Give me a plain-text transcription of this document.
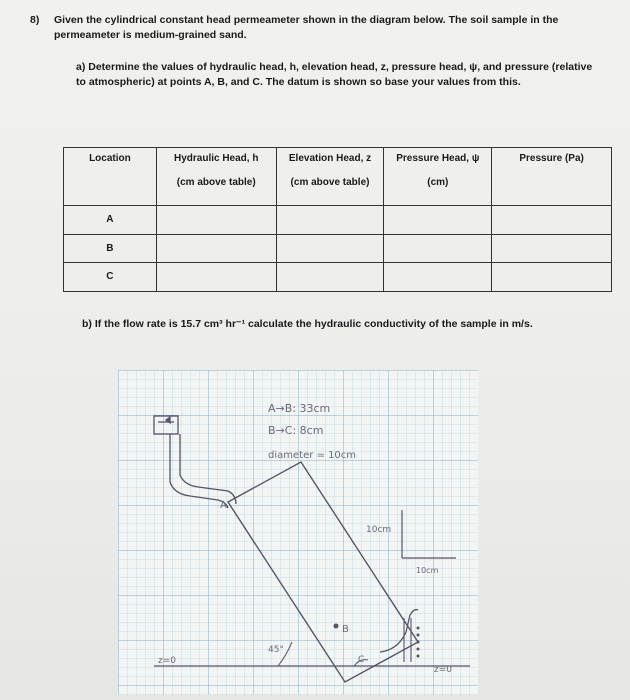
8) Given the cylindrical constant head permeameter shown in the diagram below. The soil sample in the permeameter is medium-grained sand.
a) Determine the values of hydraulic head, h, elevation head, z, pressure head, ψ, and pressure (relative to atmospheric) at points A, B, and C. The datum is shown so base your values from this.
Location	Hydraulic Head, h	Elevation Head, z	Pressure Head, ψ	Pressure (Pa)
	(cm above table)	(cm above table)	(cm)	
A				
B				
C				
b) If the flow rate is 15.7 cm³ hr⁻¹ calculate the hydraulic conductivity of the sample in m/s.
A→B: 33cm
B→C: 8cm
diameter = 10cm
A
B
C
45°
10cm
10cm
z=0
z=0
